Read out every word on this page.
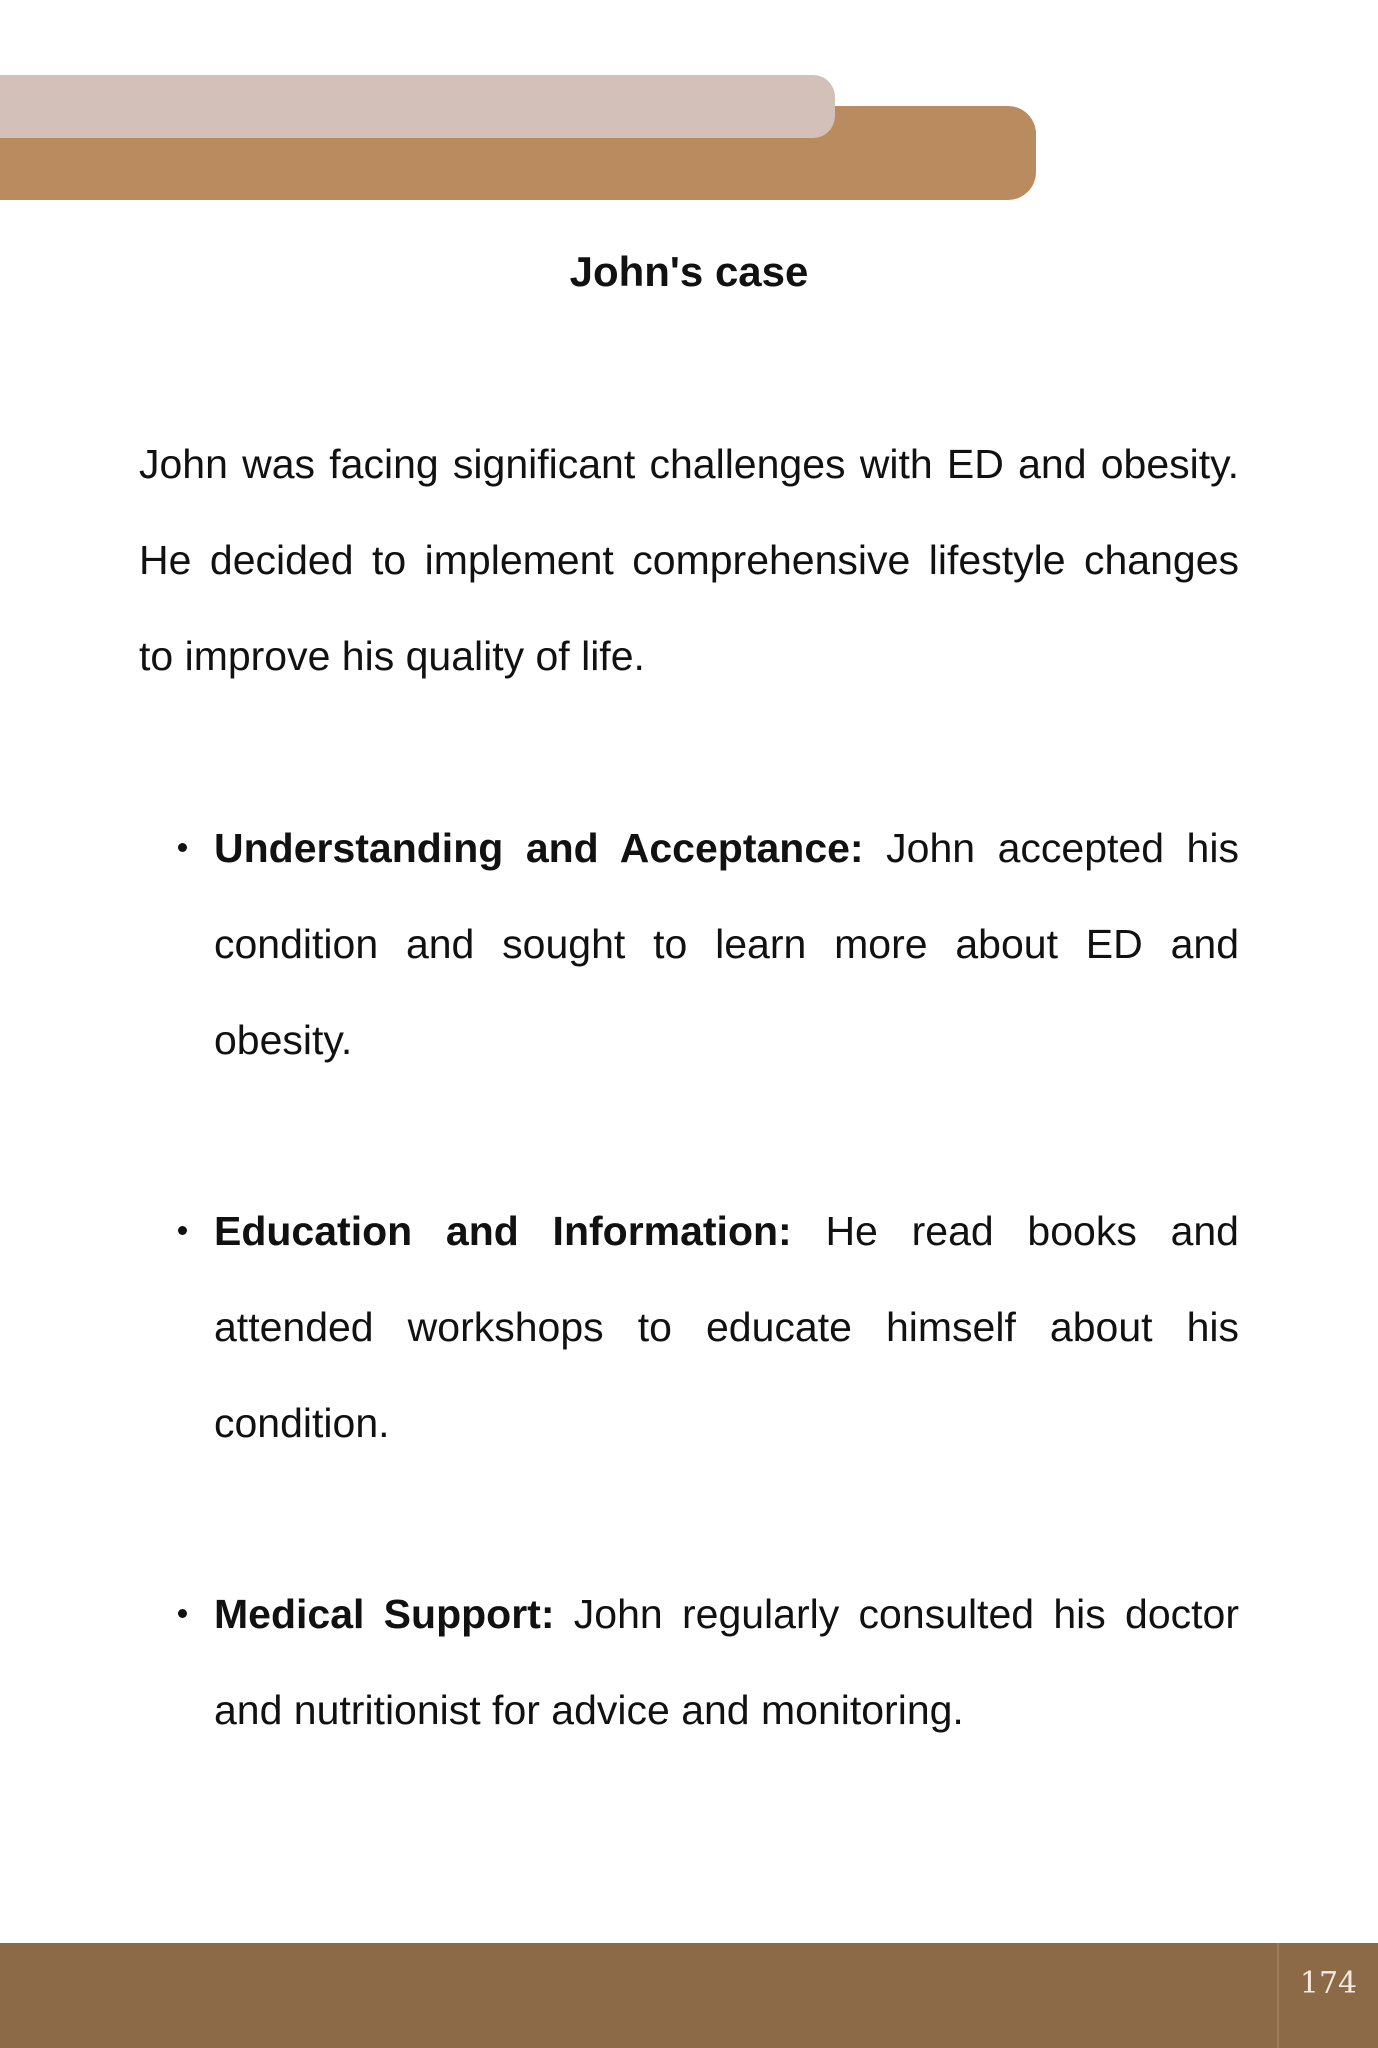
John's case

John was facing significant challenges with ED and obesity. He decided to implement comprehensive lifestyle changes to improve his quality of life.

Understanding and Acceptance: John accepted his condition and sought to learn more about ED and obesity.
Education and Information: He read books and attended workshops to educate himself about his condition.
Medical Support: John regularly consulted his doctor and nutritionist for advice and monitoring.
174
